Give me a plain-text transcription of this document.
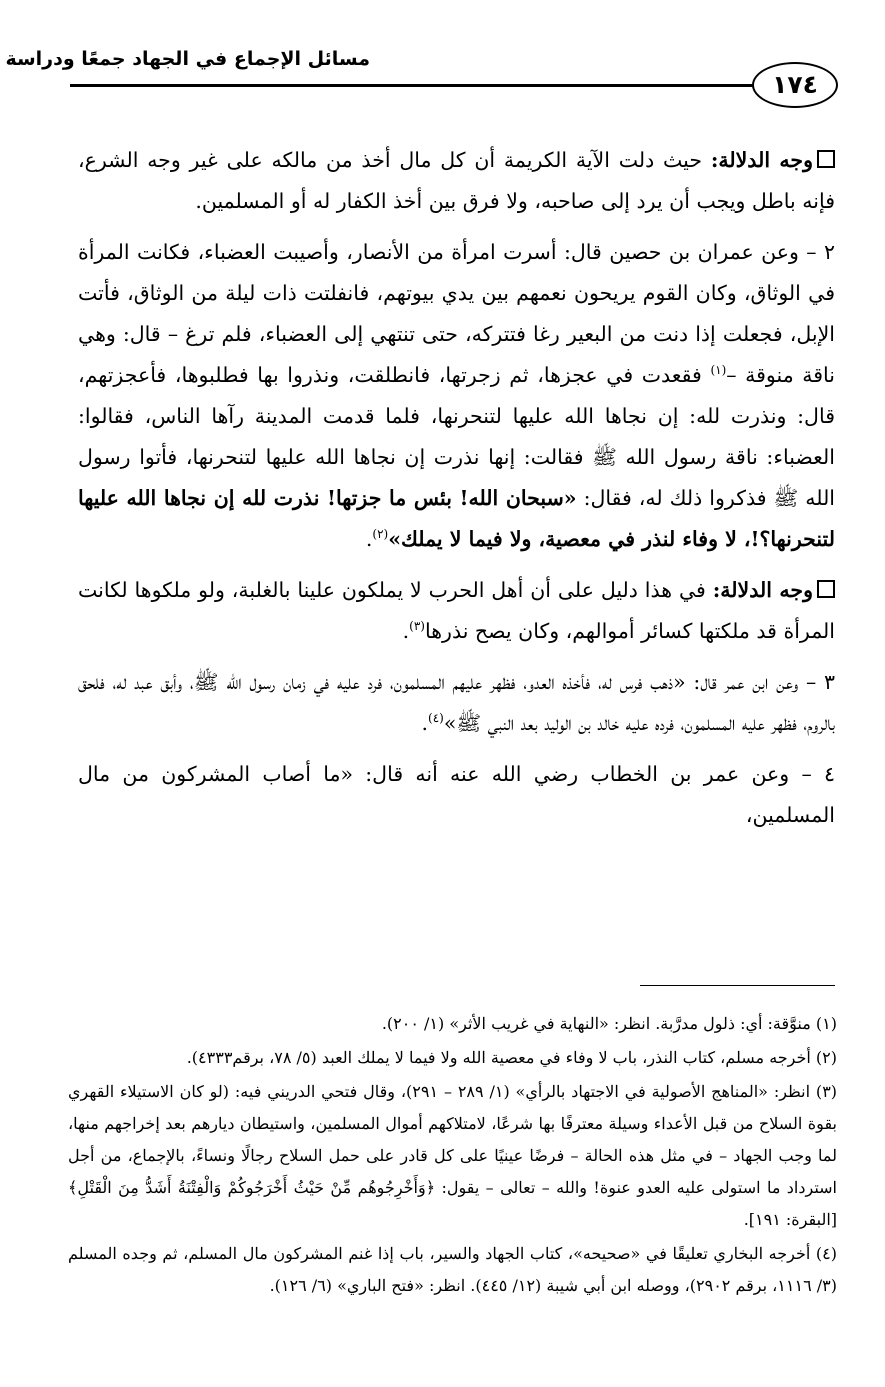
مسائل الإجماع في الجهاد جمعًا ودراسة
١٧٤

وجه الدلالة: حيث دلت الآية الكريمة أن كل مال أخذ من مالكه على غير وجه الشرع، فإنه باطل ويجب أن يرد إلى صاحبه، ولا فرق بين أخذ الكفار له أو المسلمين.

٢ – وعن عمران بن حصين قال: أسرت امرأة من الأنصار، وأصيبت العضباء، فكانت المرأة في الوثاق، وكان القوم يريحون نعمهم بين يدي بيوتهم، فانفلتت ذات ليلة من الوثاق، فأتت الإبل، فجعلت إذا دنت من البعير رغا فتتركه، حتى تنتهي إلى العضباء، فلم ترغ – قال: وهي ناقة منوقة –$^{(١)}$ فقعدت في عجزها، ثم زجرتها، فانطلقت، ونذروا بها فطلبوها، فأعجزتهم، قال: ونذرت لله: إن نجاها الله عليها لتنحرنها، فلما قدمت المدينة رآها الناس، فقالوا: العضباء: ناقة رسول الله ﷺ فقالت: إنها نذرت إن نجاها الله عليها لتنحرنها، فأتوا رسول الله ﷺ فذكروا ذلك له، فقال: «سبحان الله! بئس ما جزتها! نذرت لله إن نجاها الله عليها لتنحرنها؟!، لا وفاء لنذر في معصية، ولا فيما لا يملك»$^{(٢)}$.

وجه الدلالة: في هذا دليل على أن أهل الحرب لا يملكون علينا بالغلبة، ولو ملكوها لكانت المرأة قد ملكتها كسائر أموالهم، وكان يصح نذرها$^{(٣)}$.

٣ – وعن ابن عمر قال: «ذهب فرس له، فأخذه العدو، فظهر عليهم المسلمون، فرد عليه في زمان رسول الله ﷺ، وأبق عبد له، فلحق بالروم، فظهر عليه المسلمون، فرده عليه خالد بن الوليد بعد النبي ﷺ»$^{(٤)}$.

٤ – وعن عمر بن الخطاب رضي الله عنه أنه قال: «ما أصاب المشركون من مال المسلمين،

(١) منوَّقة: أي: ذلول مدرَّبة. انظر: «النهاية في غريب الأثر» (١/ ٢٠٠).

(٢) أخرجه مسلم، كتاب النذر، باب لا وفاء في معصية الله ولا فيما لا يملك العبد (٥/ ٧٨، برقم٤٣٣٣).

(٣) انظر: «المناهج الأصولية في الاجتهاد بالرأي» (١/ ٢٨٩ – ٢٩١)، وقال فتحي الدريني فيه: (لو كان الاستيلاء القهري بقوة السلاح من قبل الأعداء وسيلة معترفًا بها شرعًا، لامتلاكهم أموال المسلمين، واستيطان ديارهم بعد إخراجهم منها، لما وجب الجهاد – في مثل هذه الحالة – فرضًا عينيًا على كل قادر على حمل السلاح رجالًا ونساءً، بالإجماع، من أجل استرداد ما استولى عليه العدو عنوة! والله – تعالى – يقول: ﴿وَأَخْرِجُوهُم مِّنْ حَيْثُ أَخْرَجُوكُمْ وَالْفِتْنَةُ أَشَدُّ مِنَ الْقَتْلِ﴾ [البقرة: ١٩١].

(٤) أخرجه البخاري تعليقًا في «صحيحه»، كتاب الجهاد والسير، باب إذا غنم المشركون مال المسلم، ثم وجده المسلم (٣/ ١١١٦، برقم ٢٩٠٢)، ووصله ابن أبي شيبة (١٢/ ٤٤٥). انظر: «فتح الباري» (٦/ ١٢٦).
